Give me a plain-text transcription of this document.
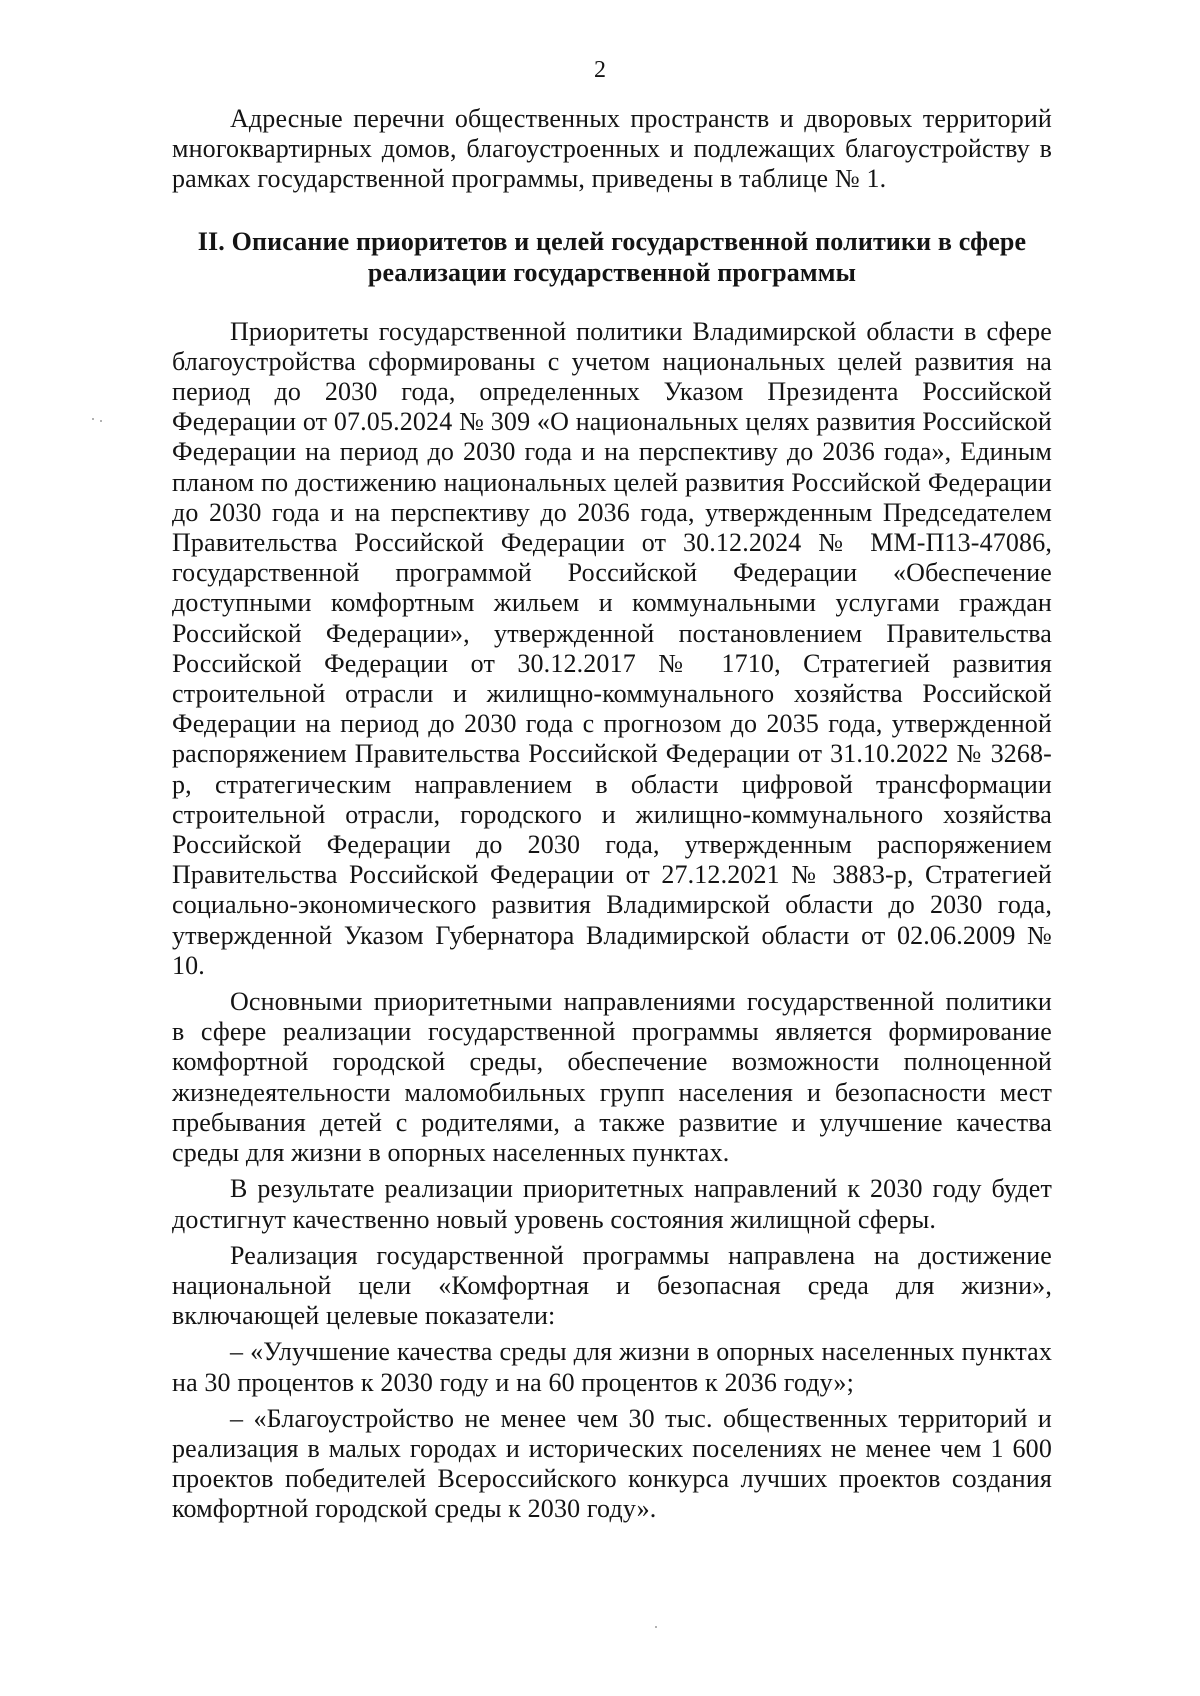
2

Адресные перечни общественных пространств и дворовых территорий многоквартирных домов, благоустроенных и подлежащих благоустройству в рамках государственной программы, приведены в таблице № 1.

II. Описание приоритетов и целей государственной политики в сфере реализации государственной программы

Приоритеты государственной политики Владимирской области в сфере благоустройства сформированы с учетом национальных целей развития на период до 2030 года, определенных Указом Президента Российской Федерации от 07.05.2024 № 309 «О национальных целях развития Российской Федерации на период до 2030 года и на перспективу до 2036 года», Единым планом по достижению национальных целей развития Российской Федерации до 2030 года и на перспективу до 2036 года, утвержденным Председателем Правительства Российской Федерации от 30.12.2024 № ММ-П13-47086, государственной программой Российской Федерации «Обеспечение доступными комфортным жильем и коммунальными услугами граждан Российской Федерации», утвержденной постановлением Правительства Российской Федерации от 30.12.2017 № 1710, Стратегией развития строительной отрасли и жилищно-коммунального хозяйства Российской Федерации на период до 2030 года с прогнозом до 2035 года, утвержденной распоряжением Правительства Российской Федерации от 31.10.2022 № 3268-р, стратегическим направлением в области цифровой трансформации строительной отрасли, городского и жилищно-коммунального хозяйства Российской Федерации до 2030 года, утвержденным распоряжением Правительства Российской Федерации от 27.12.2021 № 3883-р, Стратегией социально-экономического развития Владимирской области до 2030 года, утвержденной Указом Губернатора Владимирской области от 02.06.2009 № 10.

Основными приоритетными направлениями государственной политики в сфере реализации государственной программы является формирование комфортной городской среды, обеспечение возможности полноценной жизнедеятельности маломобильных групп населения и безопасности мест пребывания детей с родителями, а также развитие и улучшение качества среды для жизни в опорных населенных пунктах.

В результате реализации приоритетных направлений к 2030 году будет достигнут качественно новый уровень состояния жилищной сферы.

Реализация государственной программы направлена на достижение национальной цели «Комфортная и безопасная среда для жизни», включающей целевые показатели:

– «Улучшение качества среды для жизни в опорных населенных пунктах на 30 процентов к 2030 году и на 60 процентов к 2036 году»;

– «Благоустройство не менее чем 30 тыс. общественных территорий и реализация в малых городах и исторических поселениях не менее чем 1 600 проектов победителей Всероссийского конкурса лучших проектов создания комфортной городской среды к 2030 году».
